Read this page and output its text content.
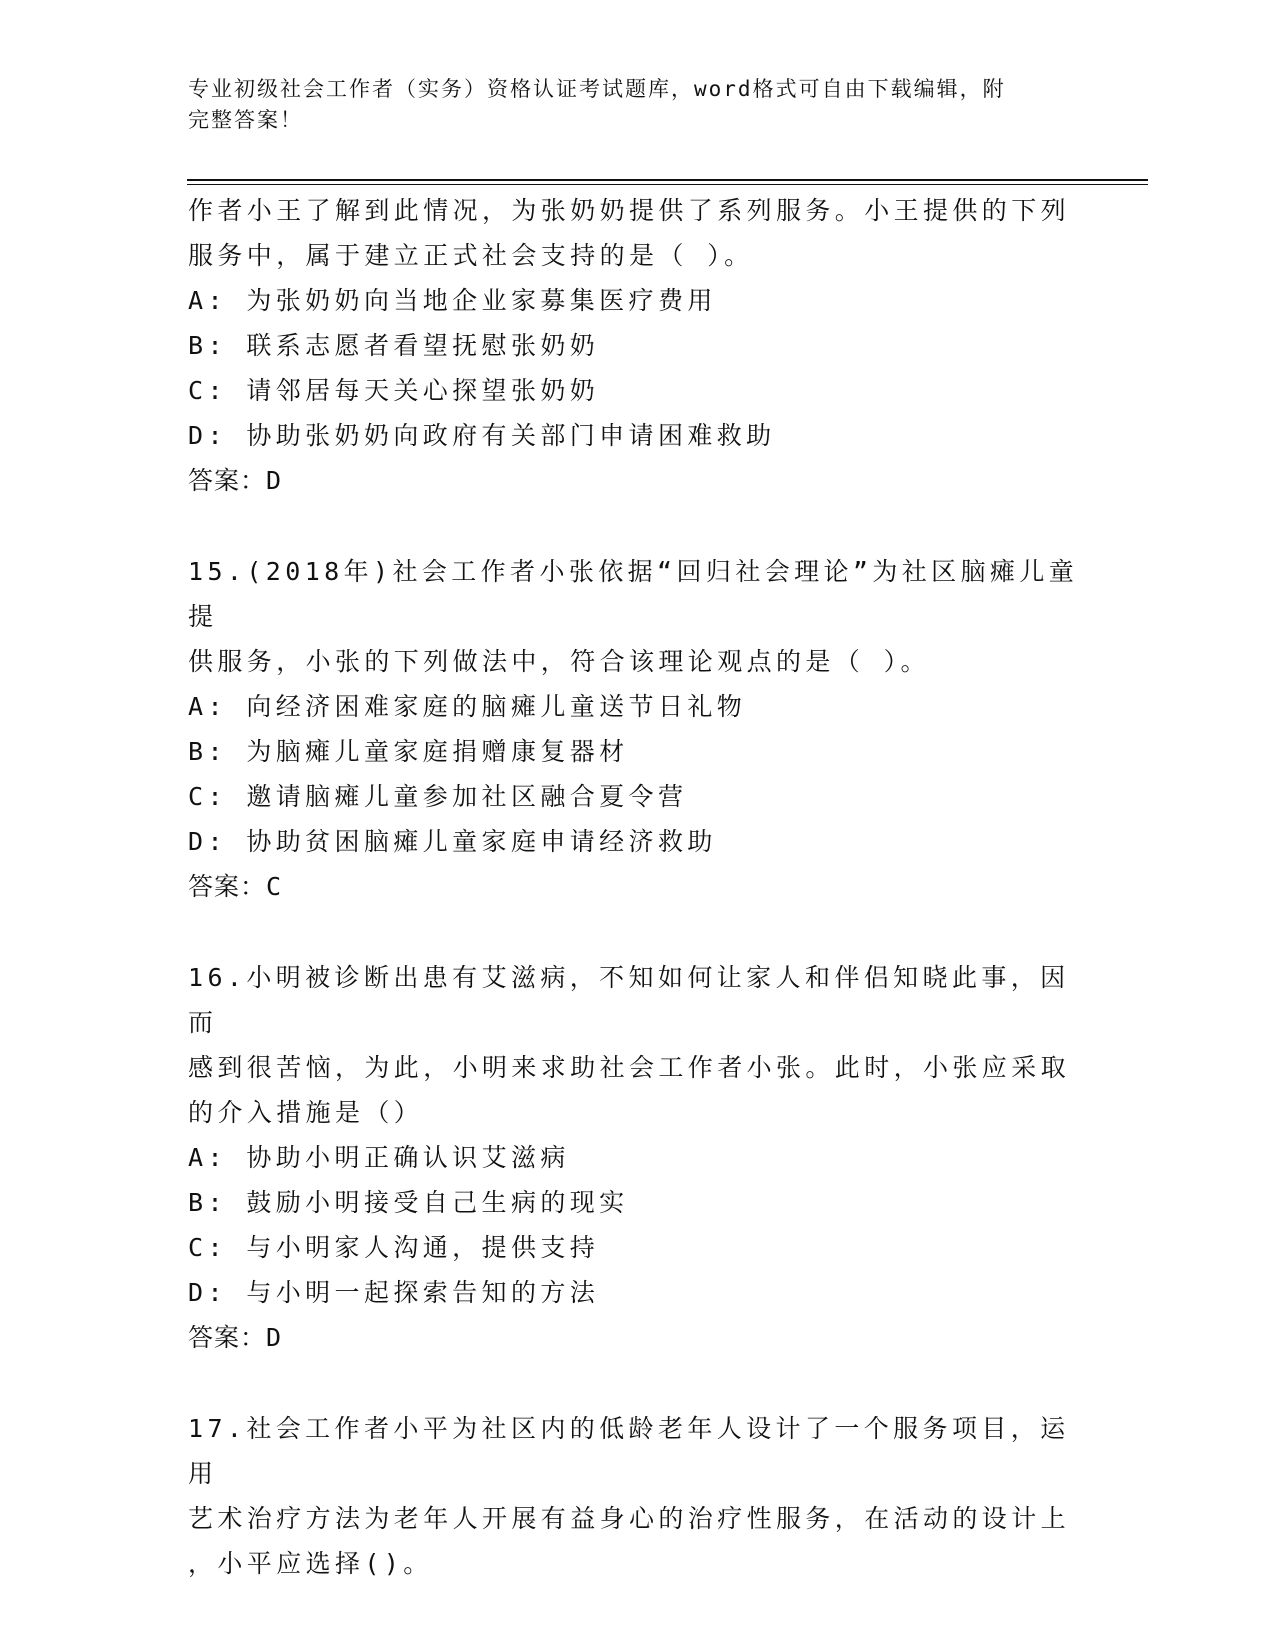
专业初级社会工作者（实务）资格认证考试题库，word格式可自由下载编辑，附
完整答案！
作者小王了解到此情况，为张奶奶提供了系列服务。小王提供的下列
服务中，属于建立正式社会支持的是（ ）。
A: 为张奶奶向当地企业家募集医疗费用
B: 联系志愿者看望抚慰张奶奶
C: 请邻居每天关心探望张奶奶
D: 协助张奶奶向政府有关部门申请困难救助
答案：D
15.(2018年)社会工作者小张依据“回归社会理论”为社区脑瘫儿童提
供服务，小张的下列做法中，符合该理论观点的是（ ）。
A: 向经济困难家庭的脑瘫儿童送节日礼物
B: 为脑瘫儿童家庭捐赠康复器材
C: 邀请脑瘫儿童参加社区融合夏令营
D: 协助贫困脑瘫儿童家庭申请经济救助
答案：C
16.小明被诊断出患有艾滋病，不知如何让家人和伴侣知晓此事，因而
感到很苦恼，为此，小明来求助社会工作者小张。此时，小张应采取
的介入措施是（）
A: 协助小明正确认识艾滋病
B: 鼓励小明接受自己生病的现实
C: 与小明家人沟通，提供支持
D: 与小明一起探索告知的方法
答案：D
17.社会工作者小平为社区内的低龄老年人设计了一个服务项目，运用
艺术治疗方法为老年人开展有益身心的治疗性服务，在活动的设计上
，小平应选择()。
